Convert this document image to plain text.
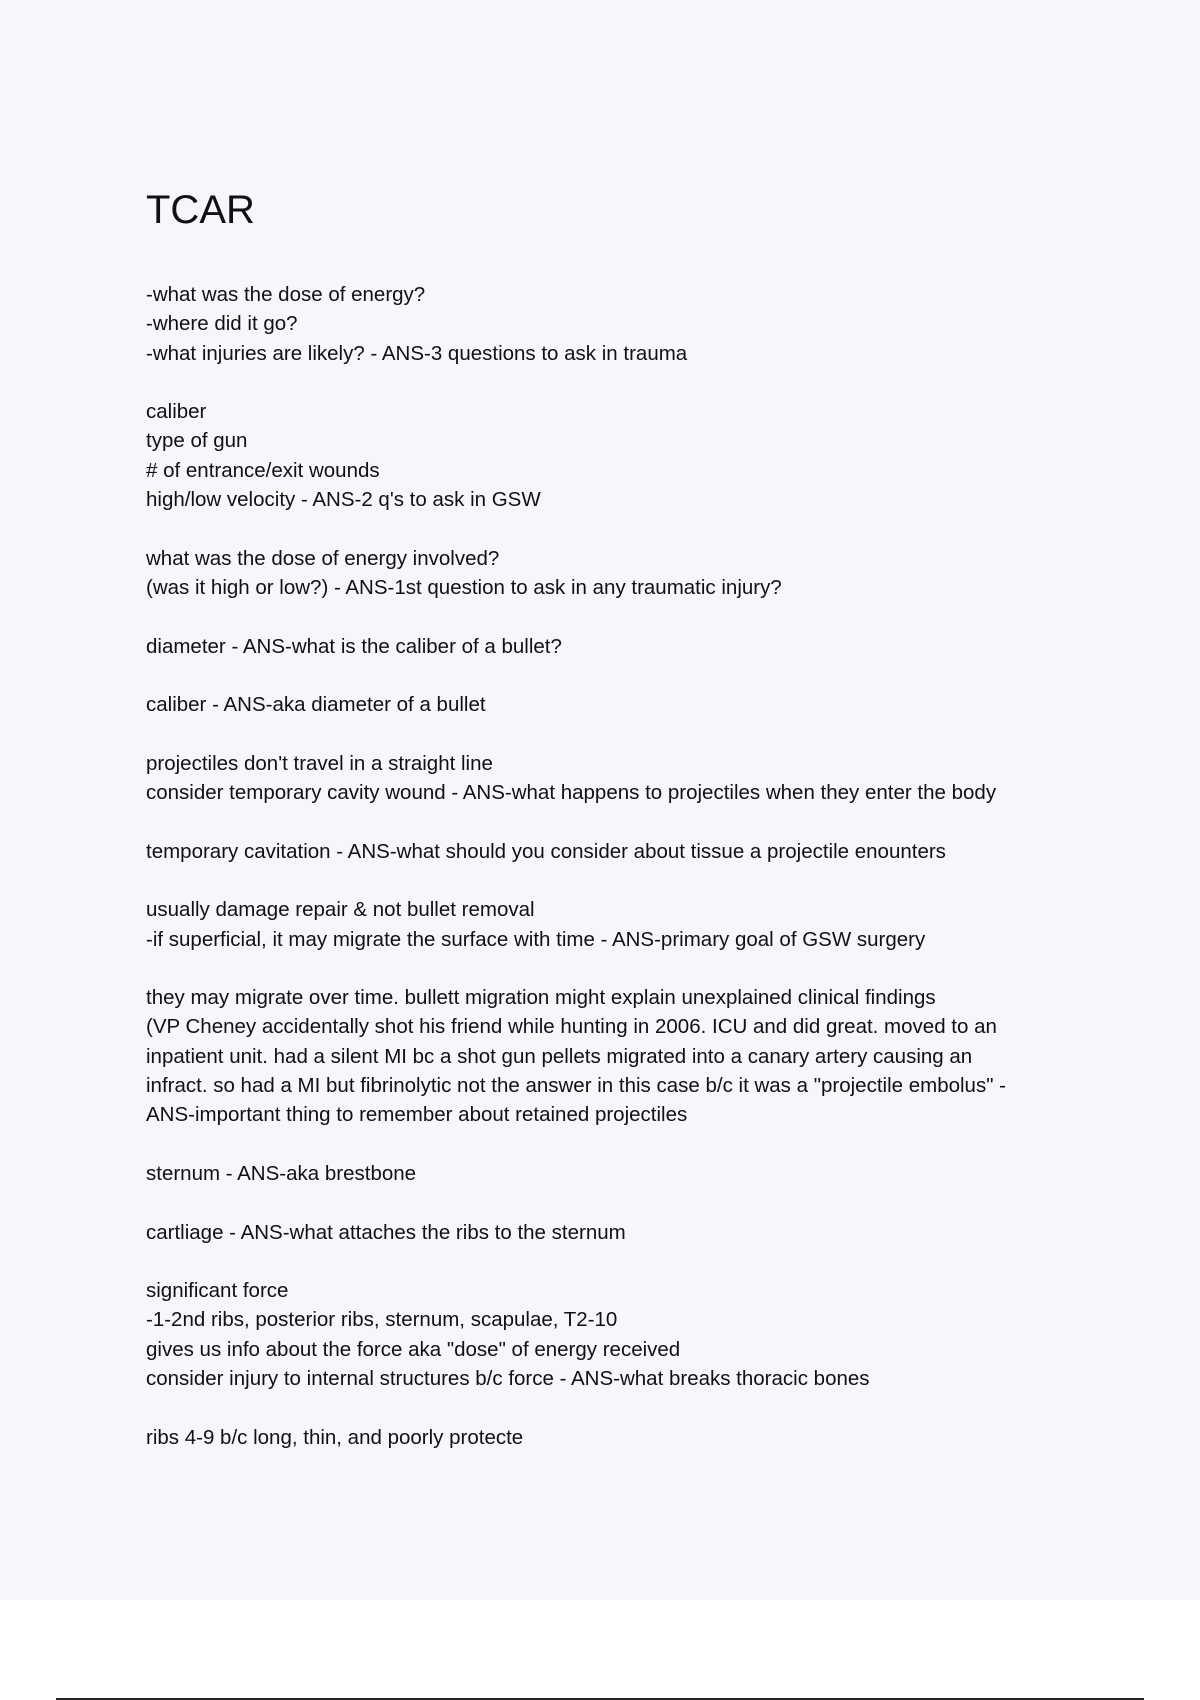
TCAR
-what was the dose of energy?
-where did it go?
-what injuries are likely? - ANS-3 questions to ask in trauma
caliber
type of gun
# of entrance/exit wounds
high/low velocity - ANS-2 q's to ask in GSW
what was the dose of energy involved?
(was it high or low?) - ANS-1st question to ask in any traumatic injury?
diameter - ANS-what is the caliber of a bullet?
caliber - ANS-aka diameter of a bullet
projectiles don't travel in a straight line
consider temporary cavity wound - ANS-what happens to projectiles when they enter the body
temporary cavitation - ANS-what should you consider about tissue a projectile enounters
usually damage repair & not bullet removal
-if superficial, it may migrate the surface with time - ANS-primary goal of GSW surgery
they may migrate over time. bullett migration might explain unexplained clinical findings
(VP Cheney accidentally shot his friend while hunting in 2006. ICU and did great. moved to an
inpatient unit. had a silent MI bc a shot gun pellets migrated into a canary artery causing an
infract. so had a MI but fibrinolytic not the answer in this case b/c it was a "projectile embolus" -
ANS-important thing to remember about retained projectiles
sternum - ANS-aka brestbone
cartliage - ANS-what attaches the ribs to the sternum
significant force
-1-2nd ribs, posterior ribs, sternum, scapulae, T2-10
gives us info about the force aka "dose" of energy received
consider injury to internal structures b/c force - ANS-what breaks thoracic bones
ribs 4-9 b/c long, thin, and poorly protecte
